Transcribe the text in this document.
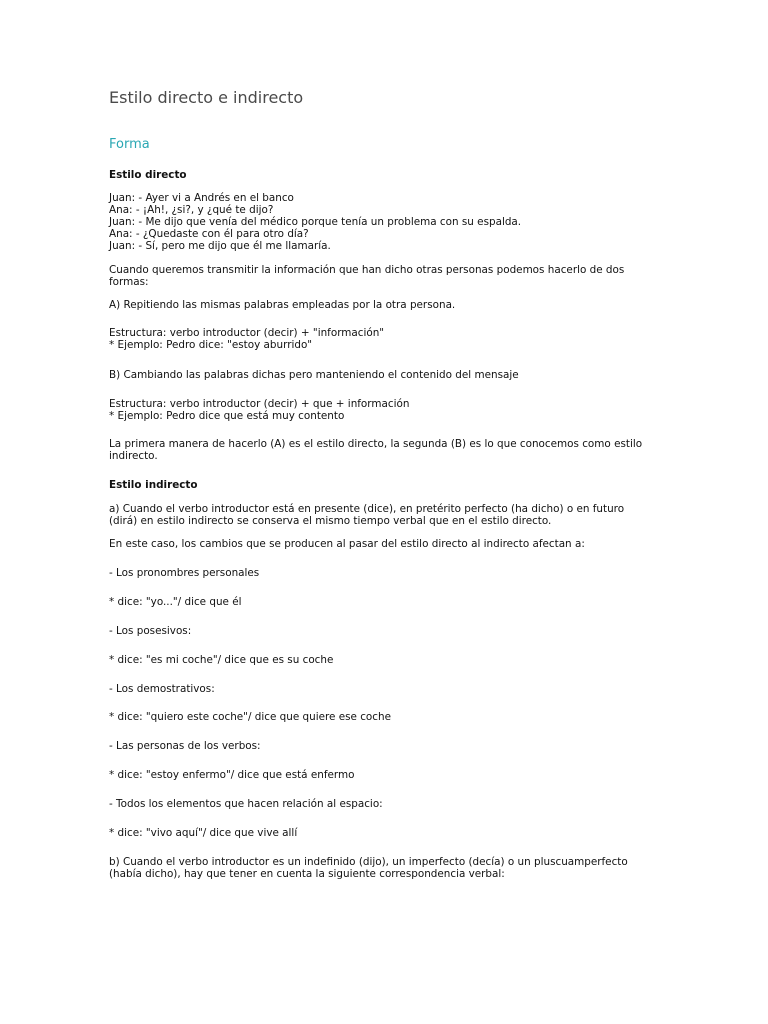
Estilo directo e indirecto
Forma

Estilo directo

Juan: - Ayer vi a Andrés en el banco

Ana: - ¡Ah!, ¿si?, y ¿qué te dijo?

Juan: - Me dijo que venía del médico porque tenía un problema con su espalda.

Ana: - ¿Quedaste con él para otro día?

Juan: - Sí, pero me dijo que él me llamaría.

Cuando queremos transmitir la información que han dicho otras personas podemos hacerlo de dos

formas:

A) Repitiendo las mismas palabras empleadas por la otra persona.

Estructura: verbo introductor (decir) + "información"

* Ejemplo: Pedro dice: "estoy aburrido"

B) Cambiando las palabras dichas pero manteniendo el contenido del mensaje

Estructura: verbo introductor (decir) + que + información

* Ejemplo: Pedro dice que está muy contento

La primera manera de hacerlo (A) es el estilo directo, la segunda (B) es lo que conocemos como estilo

indirecto.

Estilo indirecto

a) Cuando el verbo introductor está en presente (dice), en pretérito perfecto (ha dicho) o en futuro

(dirá) en estilo indirecto se conserva el mismo tiempo verbal que en el estilo directo.

En este caso, los cambios que se producen al pasar del estilo directo al indirecto afectan a:

- Los pronombres personales

* dice: "yo..."/ dice que él

- Los posesivos:

* dice: "es mi coche"/ dice que es su coche

- Los demostrativos:

* dice: "quiero este coche"/ dice que quiere ese coche

- Las personas de los verbos:

* dice: "estoy enfermo"/ dice que está enfermo

- Todos los elementos que hacen relación al espacio:

* dice: "vivo aquí"/ dice que vive allí

b) Cuando el verbo introductor es un indefinido (dijo), un imperfecto (decía) o un pluscuamperfecto

(había dicho), hay que tener en cuenta la siguiente correspondencia verbal:
